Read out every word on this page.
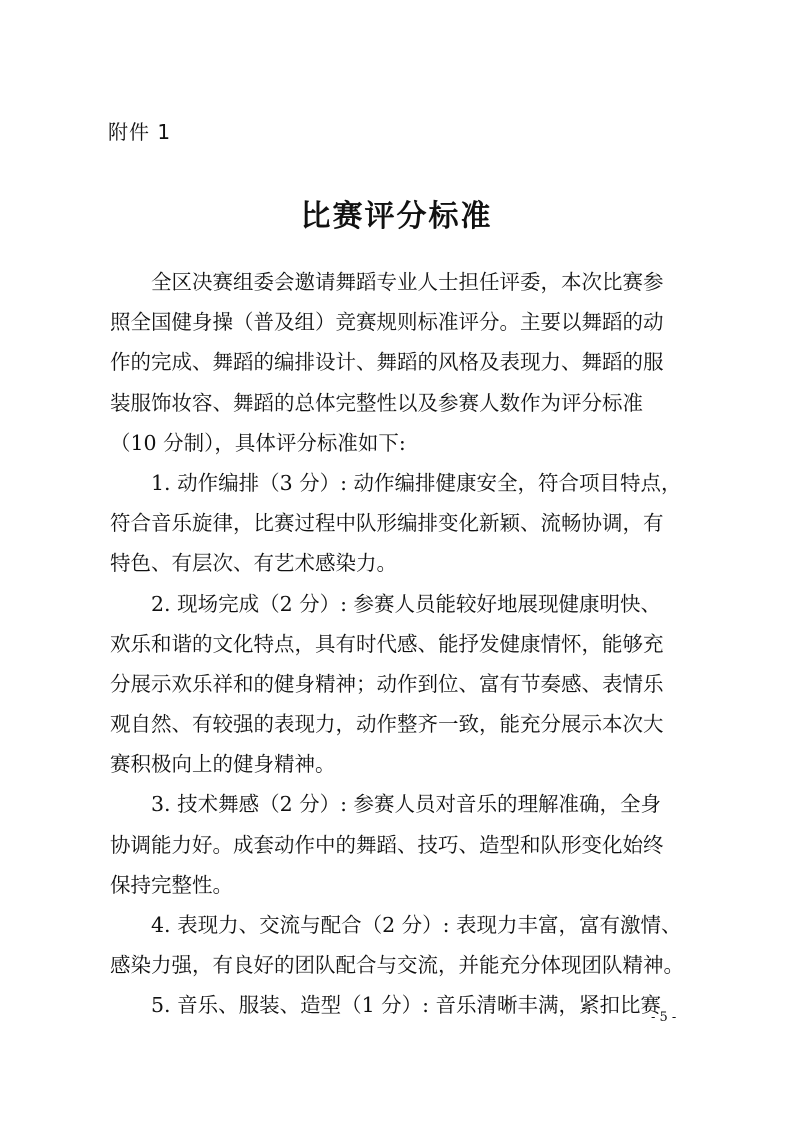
附件 1
比赛评分标准
全区决赛组委会邀请舞蹈专业人士担任评委，本次比赛参
照全国健身操（普及组）竞赛规则标准评分。主要以舞蹈的动
作的完成、舞蹈的编排设计、舞蹈的风格及表现力、舞蹈的服
装服饰妆容、舞蹈的总体完整性以及参赛人数作为评分标准
（10 分制），具体评分标准如下:
1. 动作编排（3 分）: 动作编排健康安全，符合项目特点，
符合音乐旋律，比赛过程中队形编排变化新颖、流畅协调，有
特色、有层次、有艺术感染力。
2. 现场完成（2 分）: 参赛人员能较好地展现健康明快、
欢乐和谐的文化特点，具有时代感、能抒发健康情怀，能够充
分展示欢乐祥和的健身精神；动作到位、富有节奏感、表情乐
观自然、有较强的表现力，动作整齐一致，能充分展示本次大
赛积极向上的健身精神。
3. 技术舞感（2 分）: 参赛人员对音乐的理解准确，全身
协调能力好。成套动作中的舞蹈、技巧、造型和队形变化始终
保持完整性。
4. 表现力、交流与配合（2 分）: 表现力丰富，富有激情、
感染力强，有良好的团队配合与交流，并能充分体现团队精神。
5. 音乐、服装、造型（1 分）: 音乐清晰丰满，紧扣比赛
- 5 -
